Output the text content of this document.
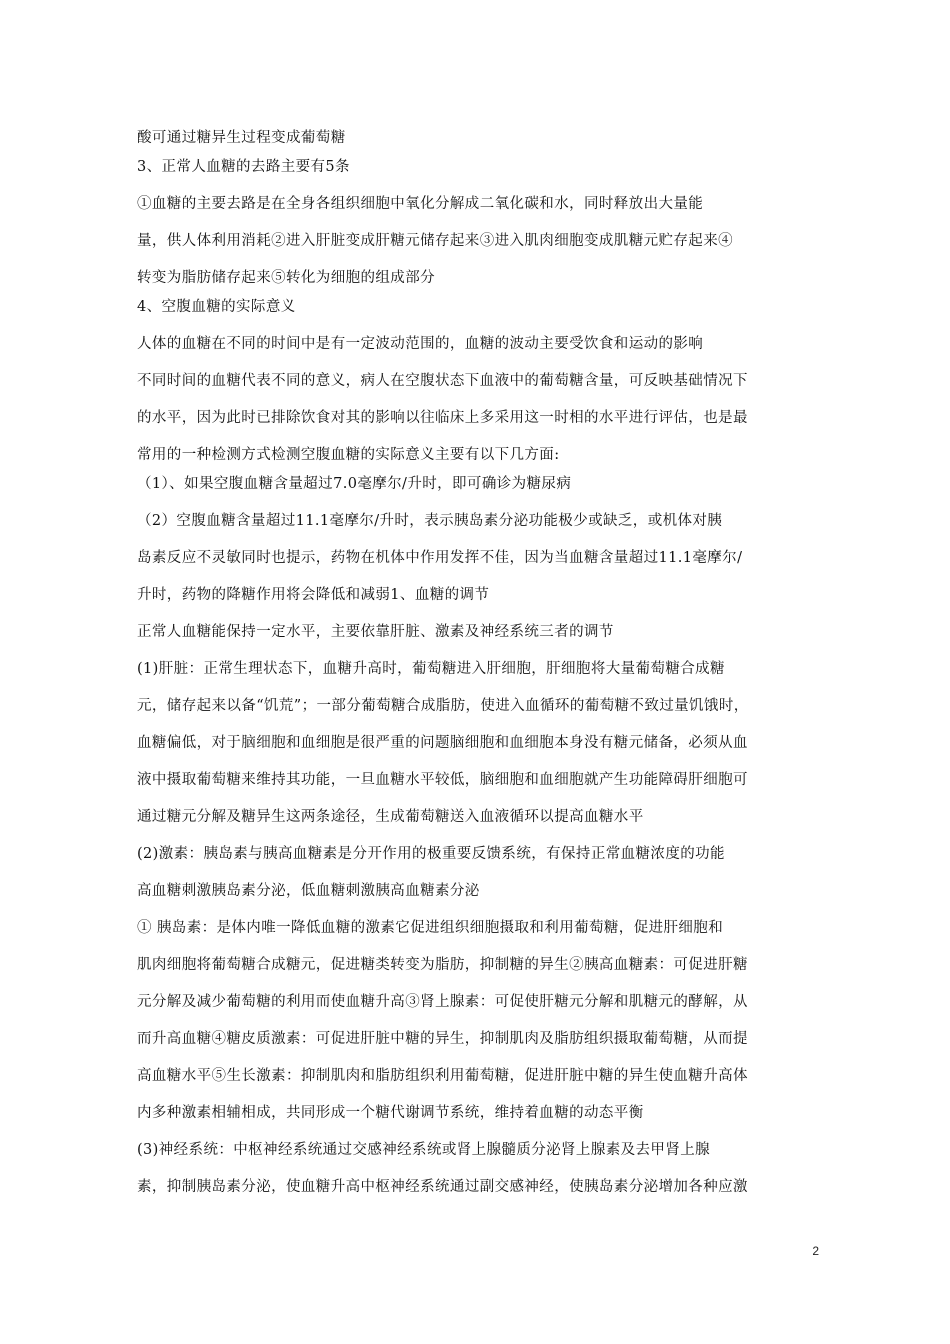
酸可通过糖异生过程变成葡萄糖
3、正常人血糖的去路主要有5条
①血糖的主要去路是在全身各组织细胞中氧化分解成二氧化碳和水，同时释放出大量能
量，供人体利用消耗②进入肝脏变成肝糖元储存起来③进入肌肉细胞变成肌糖元贮存起来④
转变为脂肪储存起来⑤转化为细胞的组成部分
4、空腹血糖的实际意义
人体的血糖在不同的时间中是有一定波动范围的，血糖的波动主要受饮食和运动的影响
不同时间的血糖代表不同的意义，病人在空腹状态下血液中的葡萄糖含量，可反映基础情况下
的水平，因为此时已排除饮食对其的影响以往临床上多采用这一时相的水平进行评估，也是最
常用的一种检测方式检测空腹血糖的实际意义主要有以下几方面:
（1）、如果空腹血糖含量超过7.0毫摩尔/升时，即可确诊为糖尿病
（2）空腹血糖含量超过11.1毫摩尔/升时，表示胰岛素分泌功能极少或缺乏，或机体对胰
岛素反应不灵敏同时也提示，药物在机体中作用发挥不佳，因为当血糖含量超过11.1毫摩尔/
升时，药物的降糖作用将会降低和减弱1、血糖的调节
正常人血糖能保持一定水平，主要依靠肝脏、激素及神经系统三者的调节
(1)肝脏：正常生理状态下，血糖升高时，葡萄糖进入肝细胞，肝细胞将大量葡萄糖合成糖
元，储存起来以备“饥荒”；一部分葡萄糖合成脂肪，使进入血循环的葡萄糖不致过量饥饿时，
血糖偏低，对于脑细胞和血细胞是很严重的问题脑细胞和血细胞本身没有糖元储备，必须从血
液中摄取葡萄糖来维持其功能，一旦血糖水平较低，脑细胞和血细胞就产生功能障碍肝细胞可
通过糖元分解及糖异生这两条途径，生成葡萄糖送入血液循环以提高血糖水平
(2)激素：胰岛素与胰高血糖素是分开作用的极重要反馈系统，有保持正常血糖浓度的功能
高血糖刺激胰岛素分泌，低血糖刺激胰高血糖素分泌
① 胰岛素：是体内唯一降低血糖的激素它促进组织细胞摄取和利用葡萄糖，促进肝细胞和
肌肉细胞将葡萄糖合成糖元，促进糖类转变为脂肪，抑制糖的异生②胰高血糖素：可促进肝糖
元分解及减少葡萄糖的利用而使血糖升高③肾上腺素：可促使肝糖元分解和肌糖元的酵解，从
而升高血糖④糖皮质激素：可促进肝脏中糖的异生，抑制肌肉及脂肪组织摄取葡萄糖，从而提
高血糖水平⑤生长激素：抑制肌肉和脂肪组织利用葡萄糖，促进肝脏中糖的异生使血糖升高体
内多种激素相辅相成，共同形成一个糖代谢调节系统，维持着血糖的动态平衡
(3)神经系统：中枢神经系统通过交感神经系统或肾上腺髓质分泌肾上腺素及去甲肾上腺
素，抑制胰岛素分泌，使血糖升高中枢神经系统通过副交感神经，使胰岛素分泌增加各种应激
2
